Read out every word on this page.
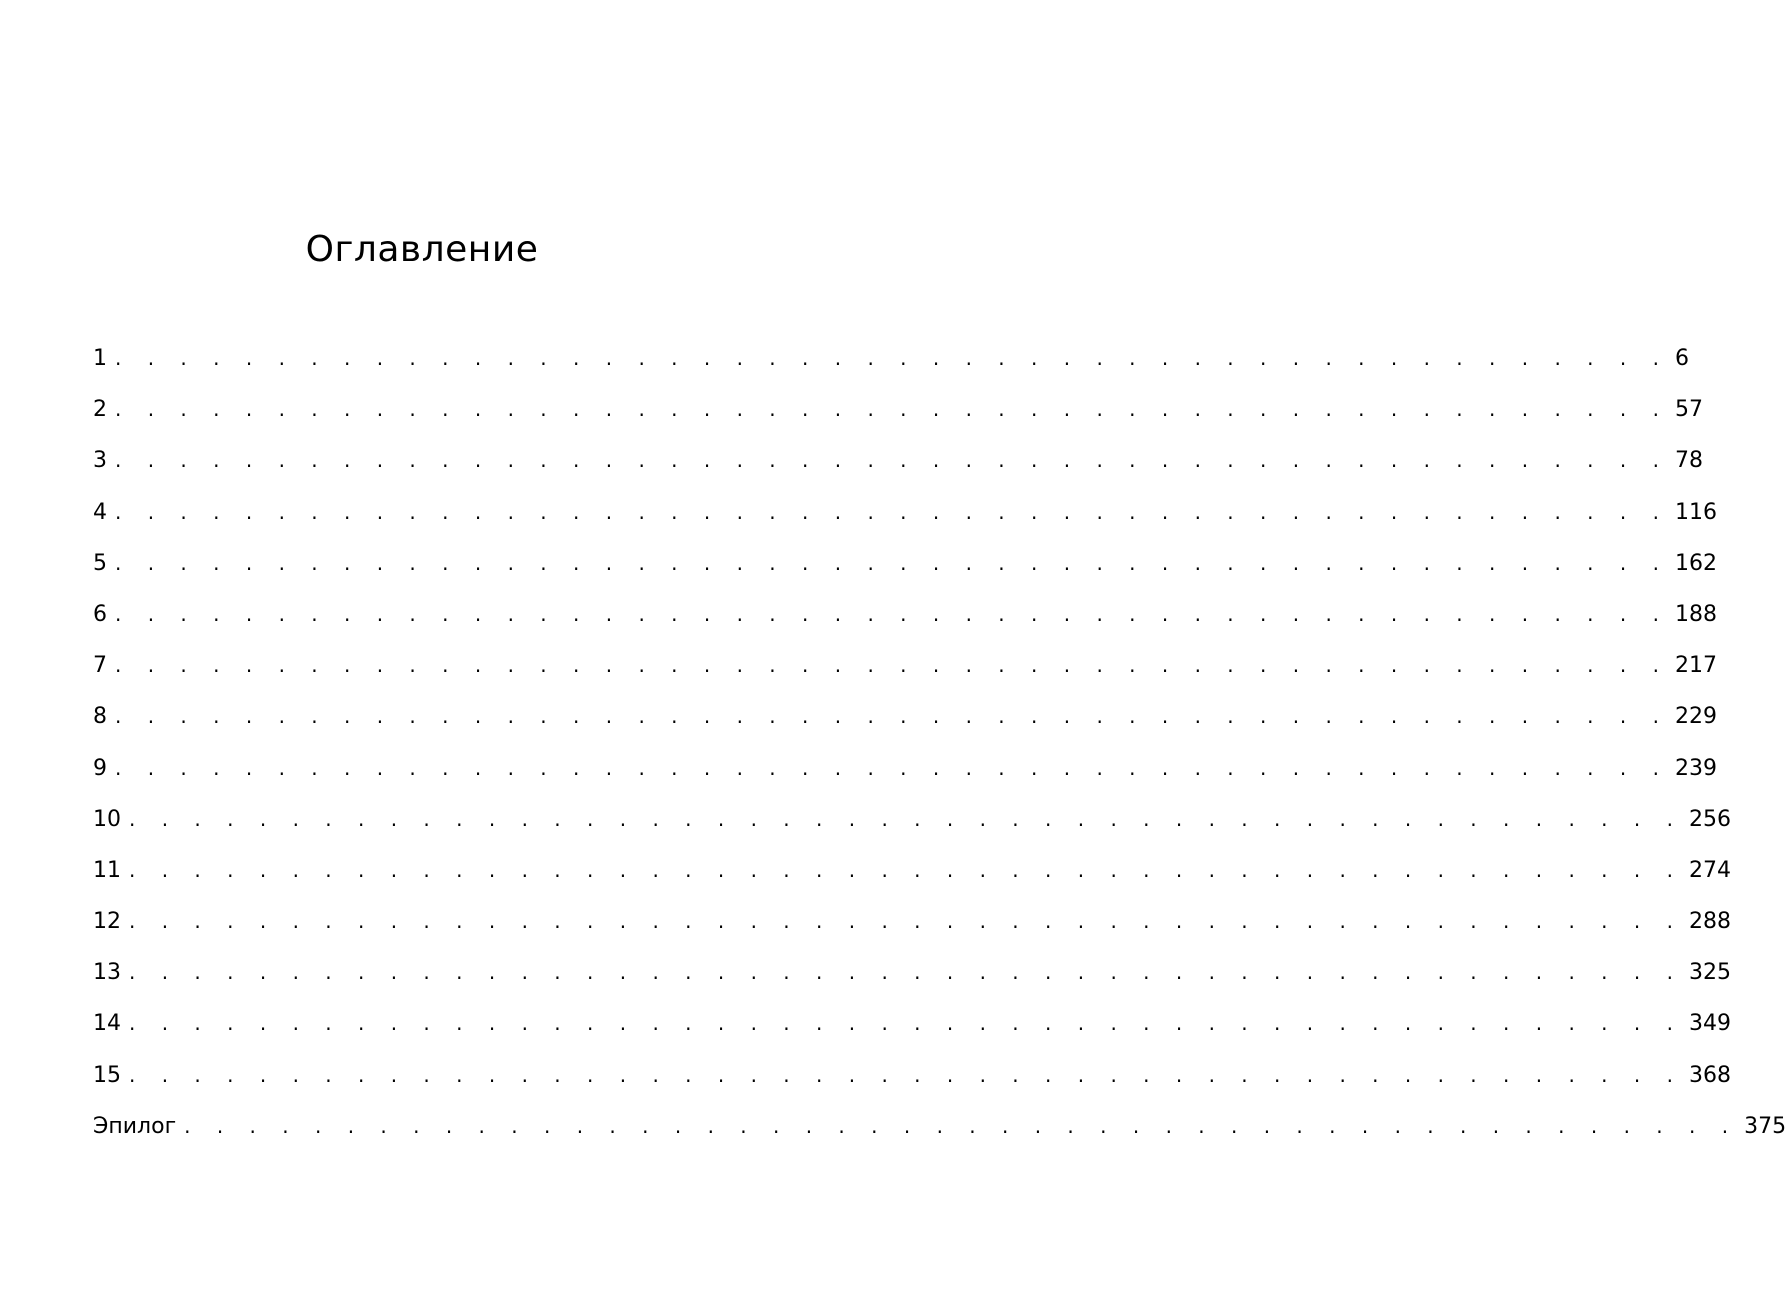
Оглавление
1 . . . . . . . . . . . . . . . . . . . . . . . . . . . . . . . . . . . . . . . . . . . . . . . . 6
2 . . . . . . . . . . . . . . . . . . . . . . . . . . . . . . . . . . . . . . . . . . . . . . . . 57
3 . . . . . . . . . . . . . . . . . . . . . . . . . . . . . . . . . . . . . . . . . . . . . . . . 78
4 . . . . . . . . . . . . . . . . . . . . . . . . . . . . . . . . . . . . . . . . . . . . . . . . 116
5 . . . . . . . . . . . . . . . . . . . . . . . . . . . . . . . . . . . . . . . . . . . . . . . . 162
6 . . . . . . . . . . . . . . . . . . . . . . . . . . . . . . . . . . . . . . . . . . . . . . . . 188
7 . . . . . . . . . . . . . . . . . . . . . . . . . . . . . . . . . . . . . . . . . . . . . . . . 217
8 . . . . . . . . . . . . . . . . . . . . . . . . . . . . . . . . . . . . . . . . . . . . . . . . 229
9 . . . . . . . . . . . . . . . . . . . . . . . . . . . . . . . . . . . . . . . . . . . . . . . . 239
10 . . . . . . . . . . . . . . . . . . . . . . . . . . . . . . . . . . . . . . . . . . . . . . . . 256
11 . . . . . . . . . . . . . . . . . . . . . . . . . . . . . . . . . . . . . . . . . . . . . . . . 274
12 . . . . . . . . . . . . . . . . . . . . . . . . . . . . . . . . . . . . . . . . . . . . . . . . 288
13 . . . . . . . . . . . . . . . . . . . . . . . . . . . . . . . . . . . . . . . . . . . . . . . . 325
14 . . . . . . . . . . . . . . . . . . . . . . . . . . . . . . . . . . . . . . . . . . . . . . . . 349
15 . . . . . . . . . . . . . . . . . . . . . . . . . . . . . . . . . . . . . . . . . . . . . . . . 368
Эпилог . . . . . . . . . . . . . . . . . . . . . . . . . . . . . . . . . . . . . . . . . . . . . . . . 375
